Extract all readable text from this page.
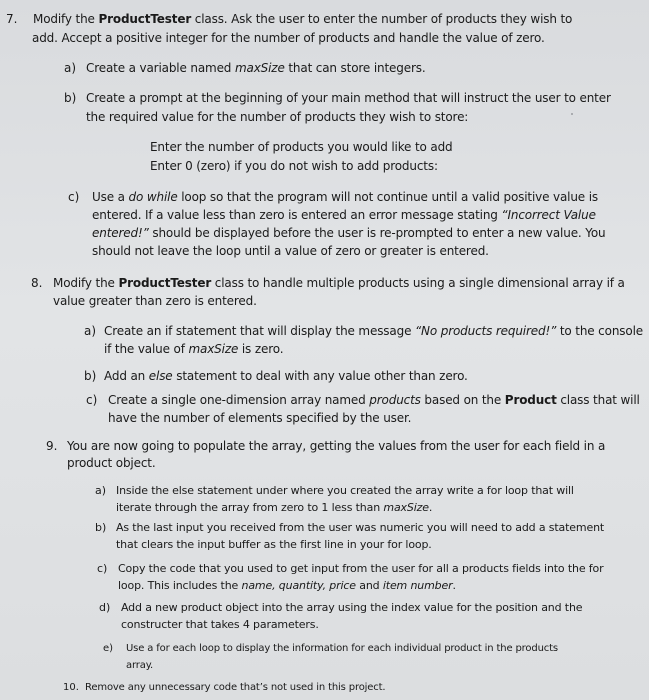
7. Modify the ProductTester class. Ask the user to enter the number of products they wish to
add. Accept a positive integer for the number of products and handle the value of zero.
a) Create a variable named maxSize that can store integers.
b) Create a prompt at the beginning of your main method that will instruct the user to enter
the required value for the number of products they wish to store:
Enter the number of products you would like to add
Enter 0 (zero) if you do not wish to add products:
c) Use a do while loop so that the program will not continue until a valid positive value is
entered. If a value less than zero is entered an error message stating “Incorrect Value
entered!” should be displayed before the user is re-prompted to enter a new value. You
should not leave the loop until a value of zero or greater is entered.
8. Modify the ProductTester class to handle multiple products using a single dimensional array if a
value greater than zero is entered.
a) Create an if statement that will display the message “No products required!” to the console
if the value of maxSize is zero.
b) Add an else statement to deal with any value other than zero.
c) Create a single one-dimension array named products based on the Product class that will
have the number of elements specified by the user.
9. You are now going to populate the array, getting the values from the user for each field in a
product object.
a) Inside the else statement under where you created the array write a for loop that will
iterate through the array from zero to 1 less than maxSize.
b) As the last input you received from the user was numeric you will need to add a statement
that clears the input buffer as the first line in your for loop.
c) Copy the code that you used to get input from the user for all a products fields into the for
loop. This includes the name, quantity, price and item number.
d) Add a new product object into the array using the index value for the position and the
constructer that takes 4 parameters.
e) Use a for each loop to display the information for each individual product in the products
array.
10. Remove any unnecessary code that’s not used in this project.
